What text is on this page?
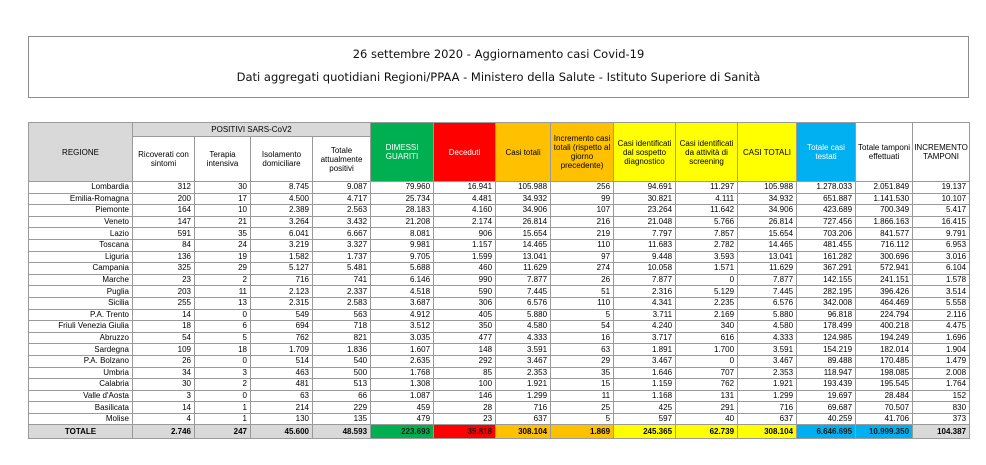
26 settembre 2020 - Aggiornamento casi Covid-19
Dati aggregati quotidiani Regioni/PPAA - Ministero della Salute - Istituto Superiore di Sanità
REGIONE	POSITIVI SARS-CoV2				DIMESSI GUARITI	Deceduti	Casi totali	Incremento casi totali (rispetto al giorno precedente)	Casi identificati dal sospetto diagnostico	Casi identificati da attività di screening	CASI TOTALI	Totale casi testati	Totale tamponi effettuati	INCREMENTO TAMPONI
	Ricoverati con sintomi	Terapia intensiva	Isolamento domiciliare	Totale attualmente positivi										
Lombardia	312	30	8.745	9.087	79.960	16.941	105.988	256	94.691	11.297	105.988	1.278.033	2.051.849	19.137
Emilia-Romagna	200	17	4.500	4.717	25.734	4.481	34.932	99	30.821	4.111	34.932	651.887	1.141.530	10.107
Piemonte	164	10	2.389	2.563	28.183	4.160	34.906	107	23.264	11.642	34.906	423.689	700.349	5.417
Veneto	147	21	3.264	3.432	21.208	2.174	26.814	216	21.048	5.766	26.814	727.456	1.866.163	16.415
Lazio	591	35	6.041	6.667	8.081	906	15.654	219	7.797	7.857	15.654	703.206	841.577	9.791
Toscana	84	24	3.219	3.327	9.981	1.157	14.465	110	11.683	2.782	14.465	481.455	716.112	6.953
Liguria	136	19	1.582	1.737	9.705	1.599	13.041	97	9.448	3.593	13.041	161.282	300.696	3.016
Campania	325	29	5.127	5.481	5.688	460	11.629	274	10.058	1.571	11.629	367.291	572.941	6.104
Marche	23	2	716	741	6.146	990	7.877	26	7.877	0	7.877	142.155	241.151	1.578
Puglia	203	11	2.123	2.337	4.518	590	7.445	51	2.316	5.129	7.445	282.195	396.426	3.514
Sicilia	255	13	2.315	2.583	3.687	306	6.576	110	4.341	2.235	6.576	342.008	464.469	5.558
P.A. Trento	14	0	549	563	4.912	405	5.880	5	3.711	2.169	5.880	96.818	224.794	2.116
Friuli Venezia Giulia	18	6	694	718	3.512	350	4.580	54	4.240	340	4.580	178.499	400.218	4.475
Abruzzo	54	5	762	821	3.035	477	4.333	16	3.717	616	4.333	124.985	194.249	1.696
Sardegna	109	18	1.709	1.836	1.607	148	3.591	63	1.891	1.700	3.591	154.219	182.014	1.904
P.A. Bolzano	26	0	514	540	2.635	292	3.467	29	3.467	0	3.467	89.488	170.485	1.479
Umbria	34	3	463	500	1.768	85	2.353	35	1.646	707	2.353	118.947	198.085	2.008
Calabria	30	2	481	513	1.308	100	1.921	15	1.159	762	1.921	193.439	195.545	1.764
Valle d'Aosta	3	0	63	66	1.087	146	1.299	11	1.168	131	1.299	19.697	28.484	152
Basilicata	14	1	214	229	459	28	716	25	425	291	716	69.687	70.507	830
Molise	4	1	130	135	479	23	637	5	597	40	637	40.259	41.706	373
TOTALE	2.746	247	45.600	48.593	223.693	35.818	308.104	1.869	245.365	62.739	308.104	6.646.695	10.999.350	104.387
